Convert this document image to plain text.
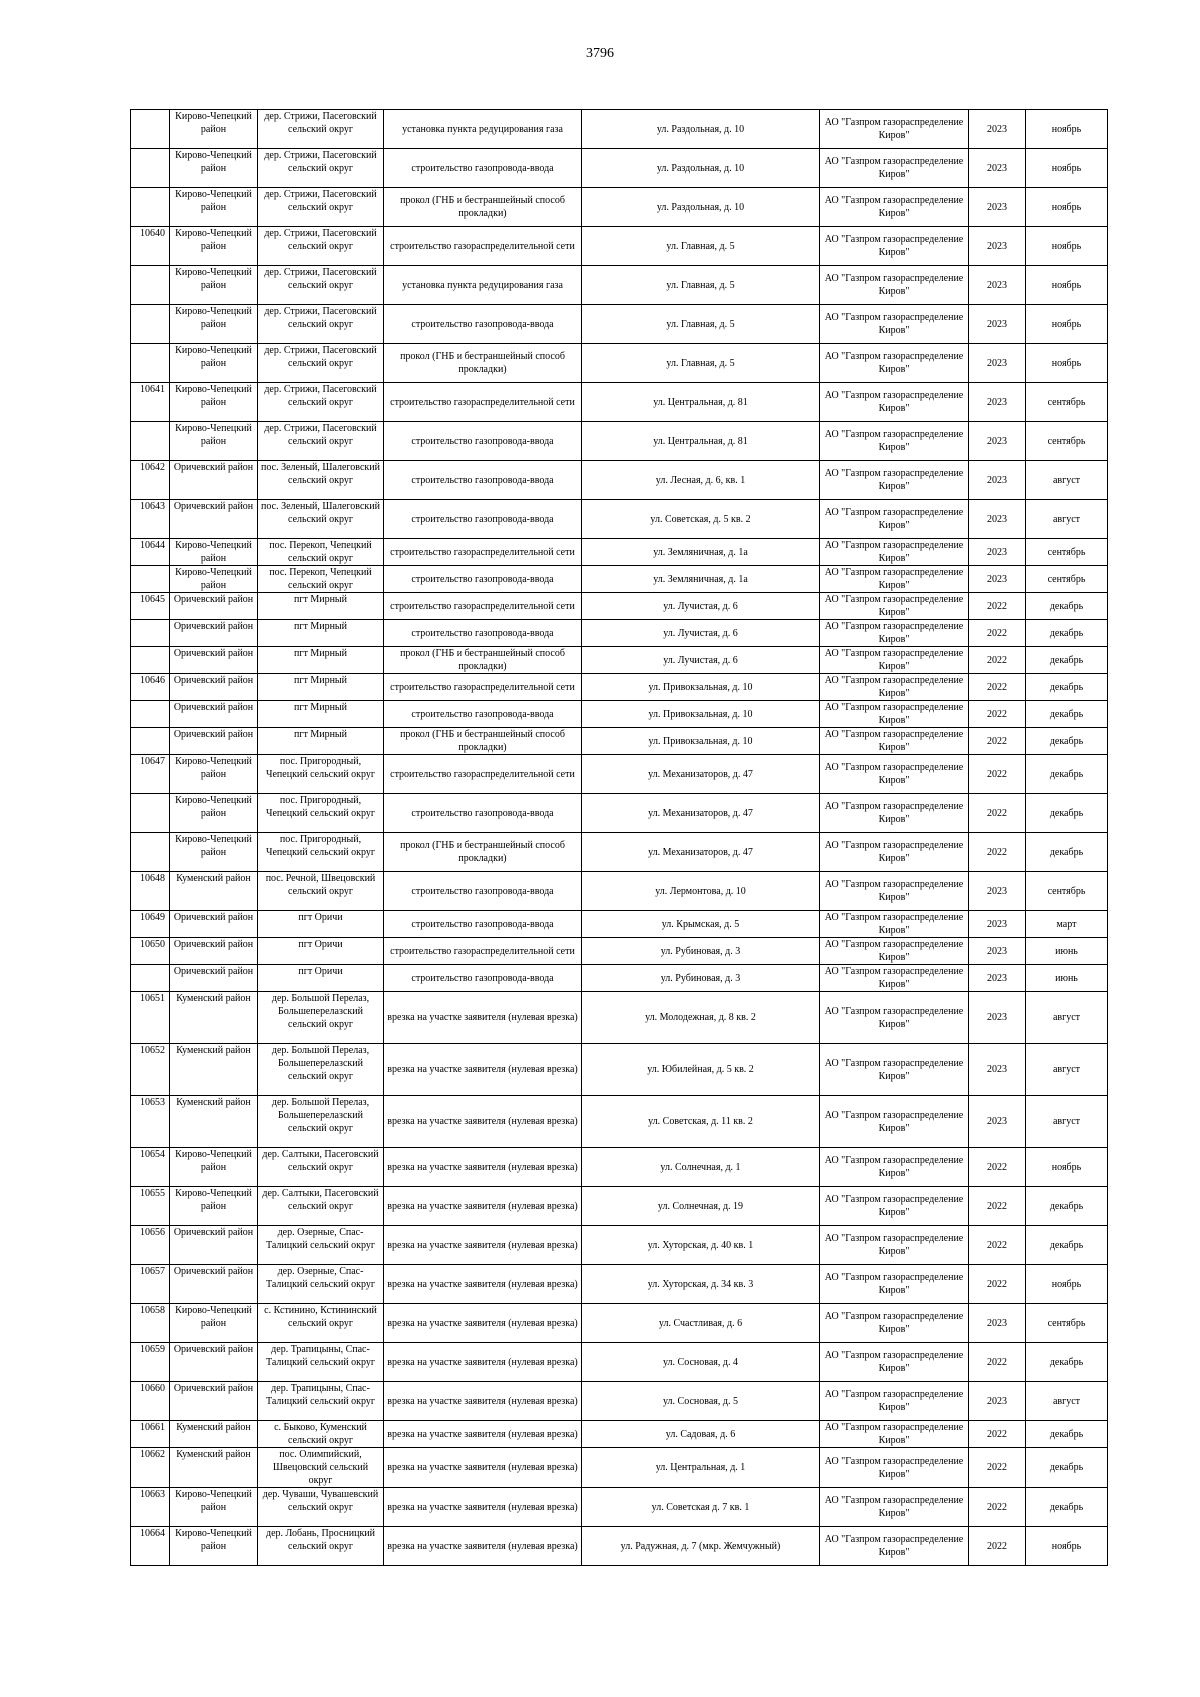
3796
	Кирово-Чепецкий район	дер. Стрижи, Пасеговский сельский округ	установка пункта редуцирования газа	ул. Раздольная, д. 10	АО "Газпром газораспределение Киров"	2023	ноябрь
	Кирово-Чепецкий район	дер. Стрижи, Пасеговский сельский округ	строительство газопровода-ввода	ул. Раздольная, д. 10	АО "Газпром газораспределение Киров"	2023	ноябрь
	Кирово-Чепецкий район	дер. Стрижи, Пасеговский сельский округ	прокол (ГНБ и бестраншейный способ прокладки)	ул. Раздольная, д. 10	АО "Газпром газораспределение Киров"	2023	ноябрь
10640	Кирово-Чепецкий район	дер. Стрижи, Пасеговский сельский округ	строительство газораспределительной сети	ул. Главная, д. 5	АО "Газпром газораспределение Киров"	2023	ноябрь
	Кирово-Чепецкий район	дер. Стрижи, Пасеговский сельский округ	установка пункта редуцирования газа	ул. Главная, д. 5	АО "Газпром газораспределение Киров"	2023	ноябрь
	Кирово-Чепецкий район	дер. Стрижи, Пасеговский сельский округ	строительство газопровода-ввода	ул. Главная, д. 5	АО "Газпром газораспределение Киров"	2023	ноябрь
	Кирово-Чепецкий район	дер. Стрижи, Пасеговский сельский округ	прокол (ГНБ и бестраншейный способ прокладки)	ул. Главная, д. 5	АО "Газпром газораспределение Киров"	2023	ноябрь
10641	Кирово-Чепецкий район	дер. Стрижи, Пасеговский сельский округ	строительство газораспределительной сети	ул. Центральная, д. 81	АО "Газпром газораспределение Киров"	2023	сентябрь
	Кирово-Чепецкий район	дер. Стрижи, Пасеговский сельский округ	строительство газопровода-ввода	ул. Центральная, д. 81	АО "Газпром газораспределение Киров"	2023	сентябрь
10642	Оричевский район	пос. Зеленый, Шалеговский сельский округ	строительство газопровода-ввода	ул. Лесная, д. 6, кв. 1	АО "Газпром газораспределение Киров"	2023	август
10643	Оричевский район	пос. Зеленый, Шалеговский сельский округ	строительство газопровода-ввода	ул. Советская, д. 5 кв. 2	АО "Газпром газораспределение Киров"	2023	август
10644	Кирово-Чепецкий район	пос. Перекоп, Чепецкий сельский округ	строительство газораспределительной сети	ул. Земляничная, д. 1а	АО "Газпром газораспределение Киров"	2023	сентябрь
	Кирово-Чепецкий район	пос. Перекоп, Чепецкий сельский округ	строительство газопровода-ввода	ул. Земляничная, д. 1а	АО "Газпром газораспределение Киров"	2023	сентябрь
10645	Оричевский район	пгт Мирный	строительство газораспределительной сети	ул. Лучистая, д. 6	АО "Газпром газораспределение Киров"	2022	декабрь
	Оричевский район	пгт Мирный	строительство газопровода-ввода	ул. Лучистая, д. 6	АО "Газпром газораспределение Киров"	2022	декабрь
	Оричевский район	пгт Мирный	прокол (ГНБ и бестраншейный способ прокладки)	ул. Лучистая, д. 6	АО "Газпром газораспределение Киров"	2022	декабрь
10646	Оричевский район	пгт Мирный	строительство газораспределительной сети	ул. Привокзальная, д. 10	АО "Газпром газораспределение Киров"	2022	декабрь
	Оричевский район	пгт Мирный	строительство газопровода-ввода	ул. Привокзальная, д. 10	АО "Газпром газораспределение Киров"	2022	декабрь
	Оричевский район	пгт Мирный	прокол (ГНБ и бестраншейный способ прокладки)	ул. Привокзальная, д. 10	АО "Газпром газораспределение Киров"	2022	декабрь
10647	Кирово-Чепецкий район	пос. Пригородный, Чепецкий сельский округ	строительство газораспределительной сети	ул. Механизаторов, д. 47	АО "Газпром газораспределение Киров"	2022	декабрь
	Кирово-Чепецкий район	пос. Пригородный, Чепецкий сельский округ	строительство газопровода-ввода	ул. Механизаторов, д. 47	АО "Газпром газораспределение Киров"	2022	декабрь
	Кирово-Чепецкий район	пос. Пригородный, Чепецкий сельский округ	прокол (ГНБ и бестраншейный способ прокладки)	ул. Механизаторов, д. 47	АО "Газпром газораспределение Киров"	2022	декабрь
10648	Куменский район	пос. Речной, Швецовский сельский округ	строительство газопровода-ввода	ул. Лермонтова, д. 10	АО "Газпром газораспределение Киров"	2023	сентябрь
10649	Оричевский район	пгт Оричи	строительство газопровода-ввода	ул. Крымская, д. 5	АО "Газпром газораспределение Киров"	2023	март
10650	Оричевский район	пгт Оричи	строительство газораспределительной сети	ул. Рубиновая, д. 3	АО "Газпром газораспределение Киров"	2023	июнь
	Оричевский район	пгт Оричи	строительство газопровода-ввода	ул. Рубиновая, д. 3	АО "Газпром газораспределение Киров"	2023	июнь
10651	Куменский район	дер. Большой Перелаз, Большеперелазский сельский округ	врезка на участке заявителя (нулевая врезка)	ул. Молодежная, д. 8 кв. 2	АО "Газпром газораспределение Киров"	2023	август
10652	Куменский район	дер. Большой Перелаз, Большеперелазский сельский округ	врезка на участке заявителя (нулевая врезка)	ул. Юбилейная, д. 5 кв. 2	АО "Газпром газораспределение Киров"	2023	август
10653	Куменский район	дер. Большой Перелаз, Большеперелазский сельский округ	врезка на участке заявителя (нулевая врезка)	ул. Советская, д. 11 кв. 2	АО "Газпром газораспределение Киров"	2023	август
10654	Кирово-Чепецкий район	дер. Салтыки, Пасеговский сельский округ	врезка на участке заявителя (нулевая врезка)	ул. Солнечная, д. 1	АО "Газпром газораспределение Киров"	2022	ноябрь
10655	Кирово-Чепецкий район	дер. Салтыки, Пасеговский сельский округ	врезка на участке заявителя (нулевая врезка)	ул. Солнечная, д. 19	АО "Газпром газораспределение Киров"	2022	декабрь
10656	Оричевский район	дер. Озерные, Спас-Талицкий сельский округ	врезка на участке заявителя (нулевая врезка)	ул. Хуторская, д. 40 кв. 1	АО "Газпром газораспределение Киров"	2022	декабрь
10657	Оричевский район	дер. Озерные, Спас-Талицкий сельский округ	врезка на участке заявителя (нулевая врезка)	ул. Хуторская, д. 34 кв. 3	АО "Газпром газораспределение Киров"	2022	ноябрь
10658	Кирово-Чепецкий район	с. Кстинино, Кстининский сельский округ	врезка на участке заявителя (нулевая врезка)	ул. Счастливая, д. 6	АО "Газпром газораспределение Киров"	2023	сентябрь
10659	Оричевский район	дер. Трапицыны, Спас-Талицкий сельский округ	врезка на участке заявителя (нулевая врезка)	ул. Сосновая, д. 4	АО "Газпром газораспределение Киров"	2022	декабрь
10660	Оричевский район	дер. Трапицыны, Спас-Талицкий сельский округ	врезка на участке заявителя (нулевая врезка)	ул. Сосновая, д. 5	АО "Газпром газораспределение Киров"	2023	август
10661	Куменский район	с. Быково, Куменский сельский округ	врезка на участке заявителя (нулевая врезка)	ул. Садовая, д. 6	АО "Газпром газораспределение Киров"	2022	декабрь
10662	Куменский район	пос. Олимпийский, Швецовский сельский округ	врезка на участке заявителя (нулевая врезка)	ул. Центральная, д. 1	АО "Газпром газораспределение Киров"	2022	декабрь
10663	Кирово-Чепецкий район	дер. Чуваши, Чувашевский сельский округ	врезка на участке заявителя (нулевая врезка)	ул. Советская д. 7 кв. 1	АО "Газпром газораспределение Киров"	2022	декабрь
10664	Кирово-Чепецкий район	дер. Лобань, Просницкий сельский округ	врезка на участке заявителя (нулевая врезка)	ул. Радужная, д. 7 (мкр. Жемчужный)	АО "Газпром газораспределение Киров"	2022	ноябрь
